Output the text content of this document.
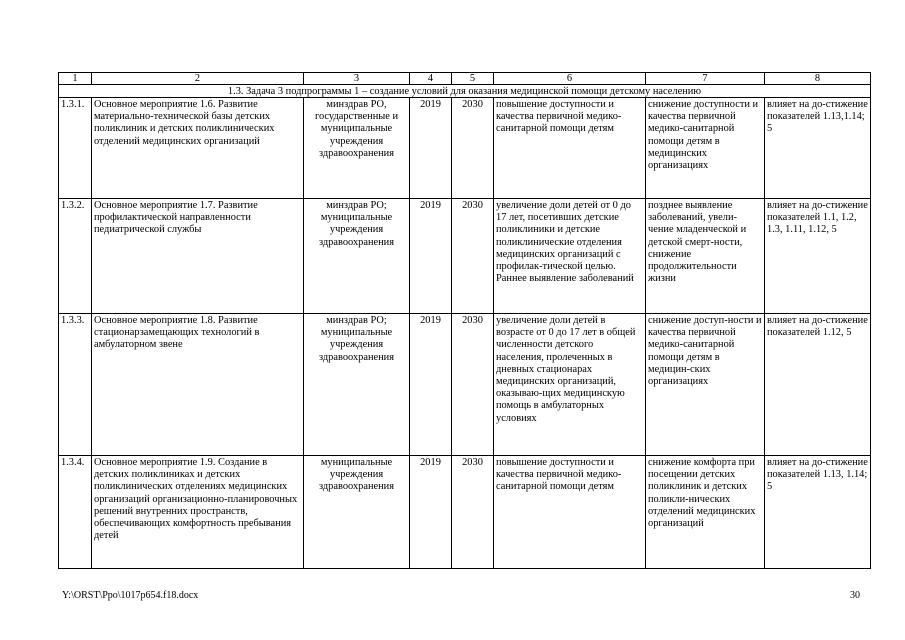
1	2	3	4	5	6	7	8
1.3. Задача 3 подпрограммы 1 – создание условий для оказания медицинской помощи детскому населению							
1.3.1.	Основное мероприятие 1.6. Развитие материально-технической базы детских поликлиник и детских поликлинических отделений медицинских организаций	минздрав РО, государственные и муниципальные учреждения здравоохранения	2019	2030	повышение доступности и качества первичной медико-санитарной помощи детям	снижение доступности и качества первичной медико-санитарной помощи детям в медицинских организациях	влияет на до-стижение показателей 1.13,1.14; 5
1.3.2.	Основное мероприятие 1.7. Развитие профилактической направленности педиатрической службы	минздрав РО; муниципальные учреждения здравоохранения	2019	2030	увеличение доли детей от 0 до 17 лет, посетивших детские поликлиники и детские поликлинические отделения медицинских организаций с профилак-тической целью. Раннее выявление заболеваний	позднее выявление заболеваний, увели-чение младенческой и детской смерт-ности, снижение продолжительности жизни	влияет на до-стижение показателей 1.1, 1.2, 1.3, 1.11, 1.12, 5
1.3.3.	Основное мероприятие 1.8. Развитие стационарзамещающих технологий в амбулаторном звене	минздрав РО; муниципальные учреждения здравоохранения	2019	2030	увеличение доли детей в возрасте от 0 до 17 лет в общей численности детского населения, пролеченных в дневных стационарах медицинских организаций, оказываю-щих медицинскую помощь в амбулаторных условиях	снижение доступ-ности и качества первичной медико-санитарной помощи детям в медицин-ских организациях	влияет на до-стижение показателей 1.12, 5
1.3.4.	Основное мероприятие 1.9. Создание в детских поликлиниках и детских поликлинических отделениях медицинских организаций организационно-планировочных решений внутренних пространств, обеспечивающих комфортность пребывания детей	муниципальные учреждения здравоохранения	2019	2030	повышение доступности и качества первичной медико-санитарной помощи детям	снижение комфорта при посещении детских поликлиник и детских поликли-нических отделений медицинских организаций	влияет на до-стижение показателей 1.13, 1.14; 5
Y:\ORST\Ppo\1017p654.f18.docx	30
